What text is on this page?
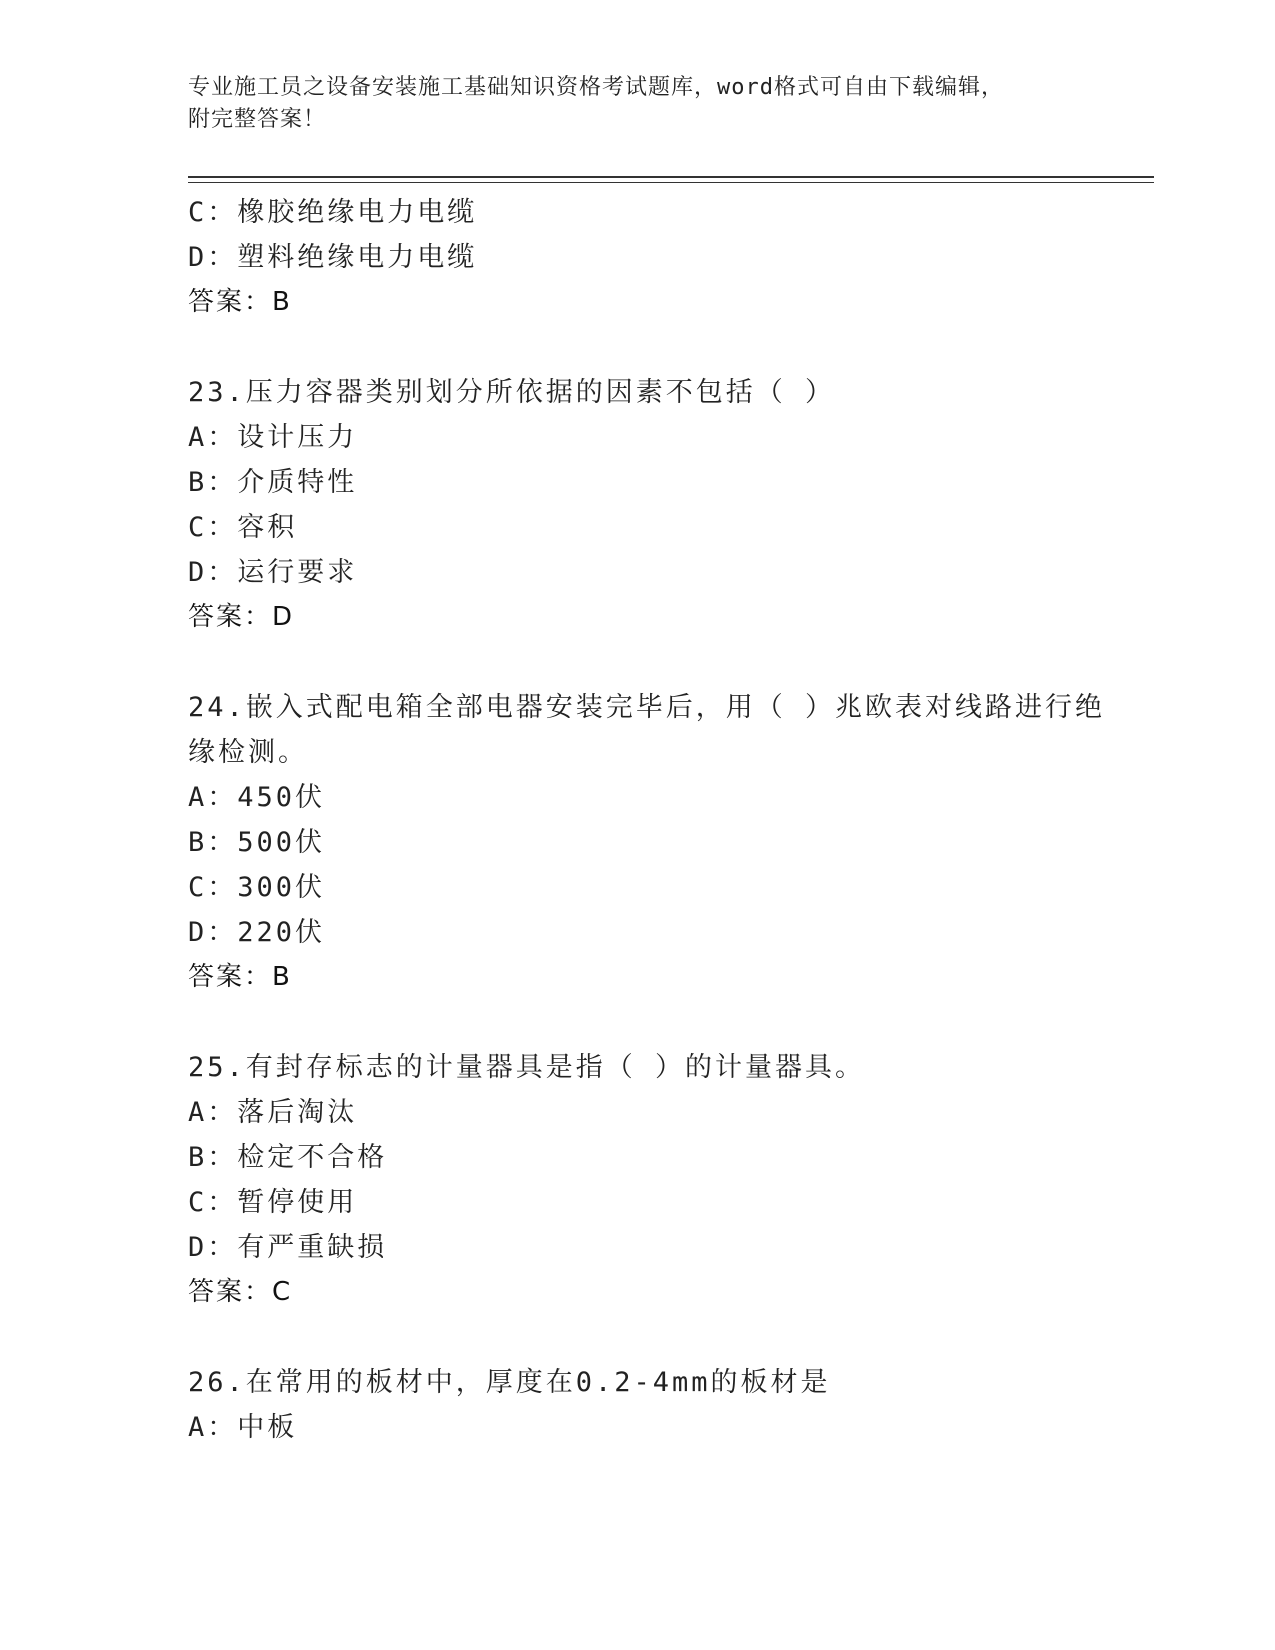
专业施工员之设备安装施工基础知识资格考试题库，word格式可自由下载编辑，
附完整答案！
C：橡胶绝缘电力电缆
D：塑料绝缘电力电缆
答案：B
23.压力容器类别划分所依据的因素不包括（ ）
A：设计压力
B：介质特性
C：容积
D：运行要求
答案：D
24.嵌入式配电箱全部电器安装完毕后，用（ ）兆欧表对线路进行绝
缘检测。
A：450伏
B：500伏
C：300伏
D：220伏
答案：B
25.有封存标志的计量器具是指（ ）的计量器具。
A：落后淘汰
B：检定不合格
C：暂停使用
D：有严重缺损
答案：C
26.在常用的板材中，厚度在0.2-4mm的板材是
A：中板
